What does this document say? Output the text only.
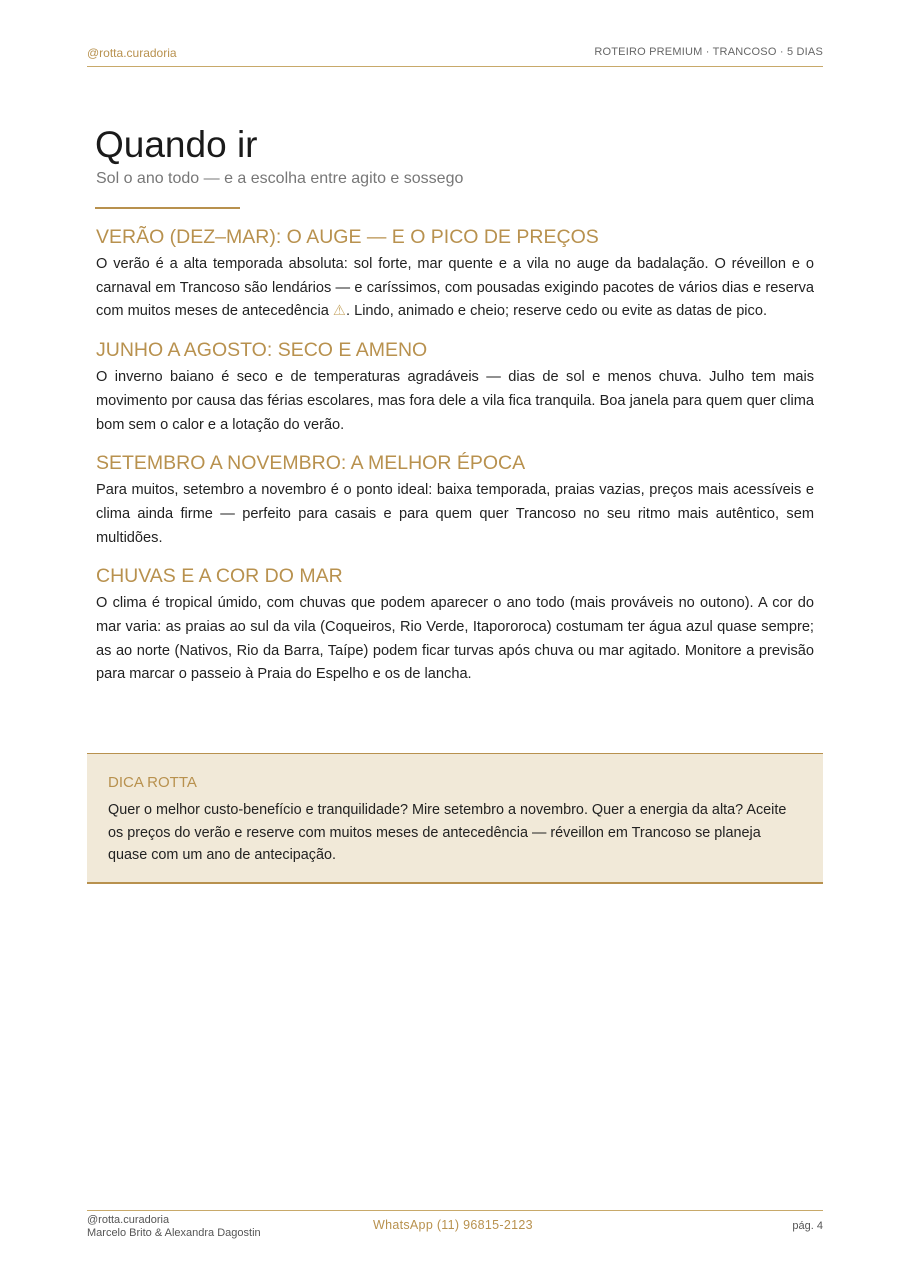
@rotta.curadoria	ROTEIRO PREMIUM · TRANCOSO · 5 DIAS
Quando ir
Sol o ano todo — e a escolha entre agito e sossego
VERÃO (DEZ–MAR): O AUGE — E O PICO DE PREÇOS

O verão é a alta temporada absoluta: sol forte, mar quente e a vila no auge da badalação. O réveillon e o carnaval em Trancoso são lendários — e caríssimos, com pousadas exigindo pacotes de vários dias e reserva com muitos meses de antecedência ⚠. Lindo, animado e cheio; reserve cedo ou evite as datas de pico.

JUNHO A AGOSTO: SECO E AMENO

O inverno baiano é seco e de temperaturas agradáveis — dias de sol e menos chuva. Julho tem mais movimento por causa das férias escolares, mas fora dele a vila fica tranquila. Boa janela para quem quer clima bom sem o calor e a lotação do verão.

SETEMBRO A NOVEMBRO: A MELHOR ÉPOCA

Para muitos, setembro a novembro é o ponto ideal: baixa temporada, praias vazias, preços mais acessíveis e clima ainda firme — perfeito para casais e para quem quer Trancoso no seu ritmo mais autêntico, sem multidões.

CHUVAS E A COR DO MAR

O clima é tropical úmido, com chuvas que podem aparecer o ano todo (mais prováveis no outono). A cor do mar varia: as praias ao sul da vila (Coqueiros, Rio Verde, Itapororoca) costumam ter água azul quase sempre; as ao norte (Nativos, Rio da Barra, Taípe) podem ficar turvas após chuva ou mar agitado. Monitore a previsão para marcar o passeio à Praia do Espelho e os de lancha.

DICA ROTTA

Quer o melhor custo-benefício e tranquilidade? Mire setembro a novembro. Quer a energia da alta? Aceite os preços do verão e reserve com muitos meses de antecedência — réveillon em Trancoso se planeja quase com um ano de antecipação.

@rotta.curadoria
Marcelo Brito & Alexandra Dagostin
WhatsApp (11) 96815-2123	pág. 4
